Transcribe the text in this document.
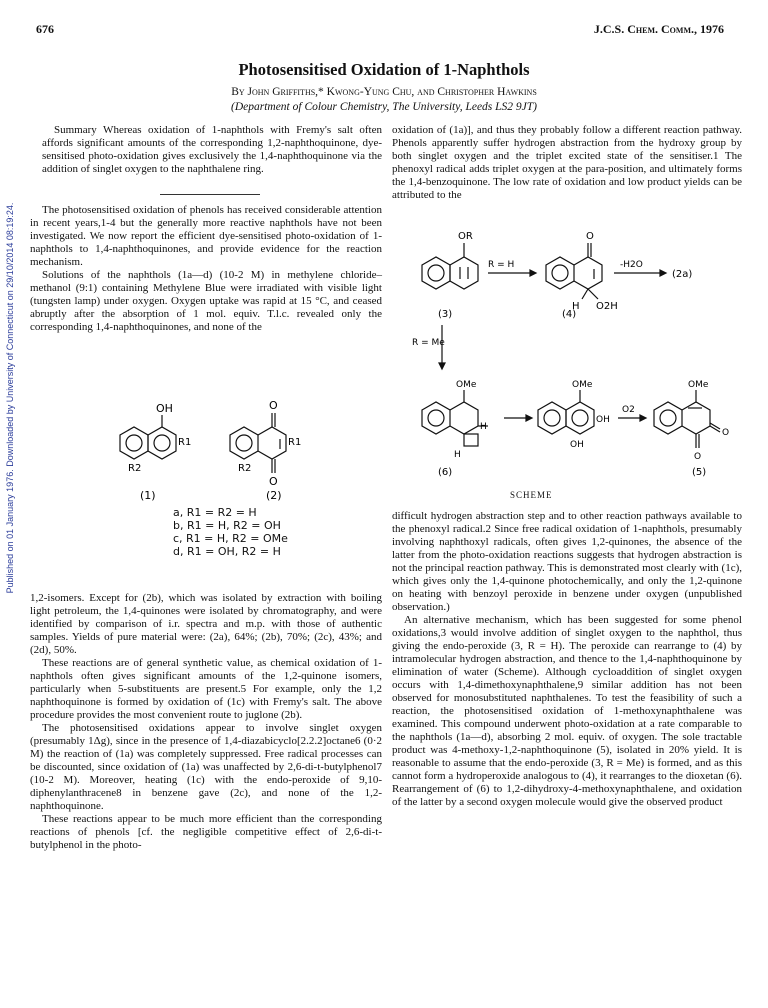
676	J.C.S. Chem. Comm., 1976
Photosensitised Oxidation of 1-Naphthols
By John Griffiths,* Kwong-Yung Chu, and Christopher Hawkins
(Department of Colour Chemistry, The University, Leeds LS2 9JT)
Published on 01 January 1976. Downloaded by University of Connecticut on 29/10/2014 08:19:24.

Summary Whereas oxidation of 1-naphthols with Fremy's salt often affords significant amounts of the corresponding 1,2-naphthoquinone, dye-sensitised photo-oxidation gives exclusively the 1,4-naphthoquinone via the addition of singlet oxygen to the naphthalene ring.

The photosensitised oxidation of phenols has received considerable attention in recent years,1-4 but the generally more reactive naphthols have not been investigated. We now report the efficient dye-sensitised photo-oxidation of 1-naphthols to 1,4-naphthoquinones, and provide evidence for the reaction mechanism.

Solutions of the naphthols (1a—d) (10-2 M) in methylene chloride–methanol (9:1) containing Methylene Blue were irradiated with visible light (tungsten lamp) under oxygen. Oxygen uptake was rapid at 15 °C, and ceased abruptly after the absorption of 1 mol. equiv. T.l.c. revealed only the corresponding 1,4-naphthoquinones, and none of the

OH
R1
R2
O
O
R1
R2
(1)	(2)
a, R1 = R2 = H
b, R1 = H, R2 = OH
c, R1 = H, R2 = OMe
d, R1 = OH, R2 = H

1,2-isomers. Except for (2b), which was isolated by extraction with boiling light petroleum, the 1,4-quinones were isolated by chromatography, and were identified by comparison of i.r. spectra and m.p. with those of authentic samples. Yields of pure material were: (2a), 64%; (2b), 70%; (2c), 43%; and (2d), 50%.

These reactions are of general synthetic value, as chemical oxidation of 1-naphthols often gives significant amounts of the 1,2-quinone isomers, particularly when 5-substituents are present.5 For example, only the 1,2 naphthoquinone is formed by oxidation of (1c) with Fremy's salt. The above procedure provides the most convenient route to juglone (2b).

The photosensitised oxidations appear to involve singlet oxygen (presumably 1Δg), since in the presence of 1,4-diazabicyclo[2.2.2]octane6 (0·2 M) the reaction of (1a) was completely suppressed. Free radical processes can be discounted, since oxidation of (1a) was unaffected by 2,6-di-t-butylphenol7 (10-2 M). Moreover, heating (1c) with the endo-peroxide of 9,10-diphenylanthracene8 in benzene gave (2c), and none of the 1,2-naphthoquinone.

These reactions appear to be much more efficient than the corresponding reactions of phenols [cf. the negligible competitive effect of 2,6-di-t-butylphenol in the photo-

oxidation of (1a)], and thus they probably follow a different reaction pathway. Phenols apparently suffer hydrogen abstraction from the hydroxy group by both singlet oxygen and the triplet excited state of the sensitiser.1 The phenoxyl radical adds triplet oxygen at the para-position, and ultimately forms the 1,4-benzoquinone. The low rate of oxidation and low product yields can be attributed to the

OR
R = H
O
H O2H
-H2O
(2a)
(3)	(4)
R = Me
OMe
H
H
OMe
OH
OH
O2
OMe
O
O
(6)	(5)
SCHEME

difficult hydrogen abstraction step and to other reaction pathways available to the phenoxyl radical.2 Since free radical oxidation of 1-naphthols, presumably involving naphthoxyl radicals, often gives 1,2-quinones, the absence of the latter from the photo-oxidation reactions suggests that hydrogen abstraction is not the principal reaction pathway. This is demonstrated most clearly with (1c), which gives only the 1,4-quinone photochemically, and only the 1,2-quinone on heating with benzoyl peroxide in benzene under oxygen (unpublished observation.)

An alternative mechanism, which has been suggested for some phenol oxidations,3 would involve addition of singlet oxygen to the naphthol, thus giving the endo-peroxide (3, R = H). The peroxide can rearrange to (4) by intramolecular hydrogen abstraction, and thence to the 1,4-naphthoquinone by elimination of water (Scheme). Although cycloaddition of singlet oxygen occurs with 1,4-dimethoxynaphthalene,9 similar addition has not been observed for monosubstituted naphthalenes. To test the feasibility of such a reaction, the photosensitised oxidation of 1-methoxynaphthalene was examined. This compound underwent photo-oxidation at a rate comparable to the naphthols (1a—d), absorbing 2 mol. equiv. of oxygen. The sole tractable product was 4-methoxy-1,2-naphthoquinone (5), isolated in 20% yield. It is reasonable to assume that the endo-peroxide (3, R = Me) is formed, and as this cannot form a hydroperoxide analogous to (4), it rearranges to the dioxetan (6). Rearrangement of (6) to 1,2-dihydroxy-4-methoxynaphthalene, and oxidation of the latter by a second oxygen molecule would give the observed product
